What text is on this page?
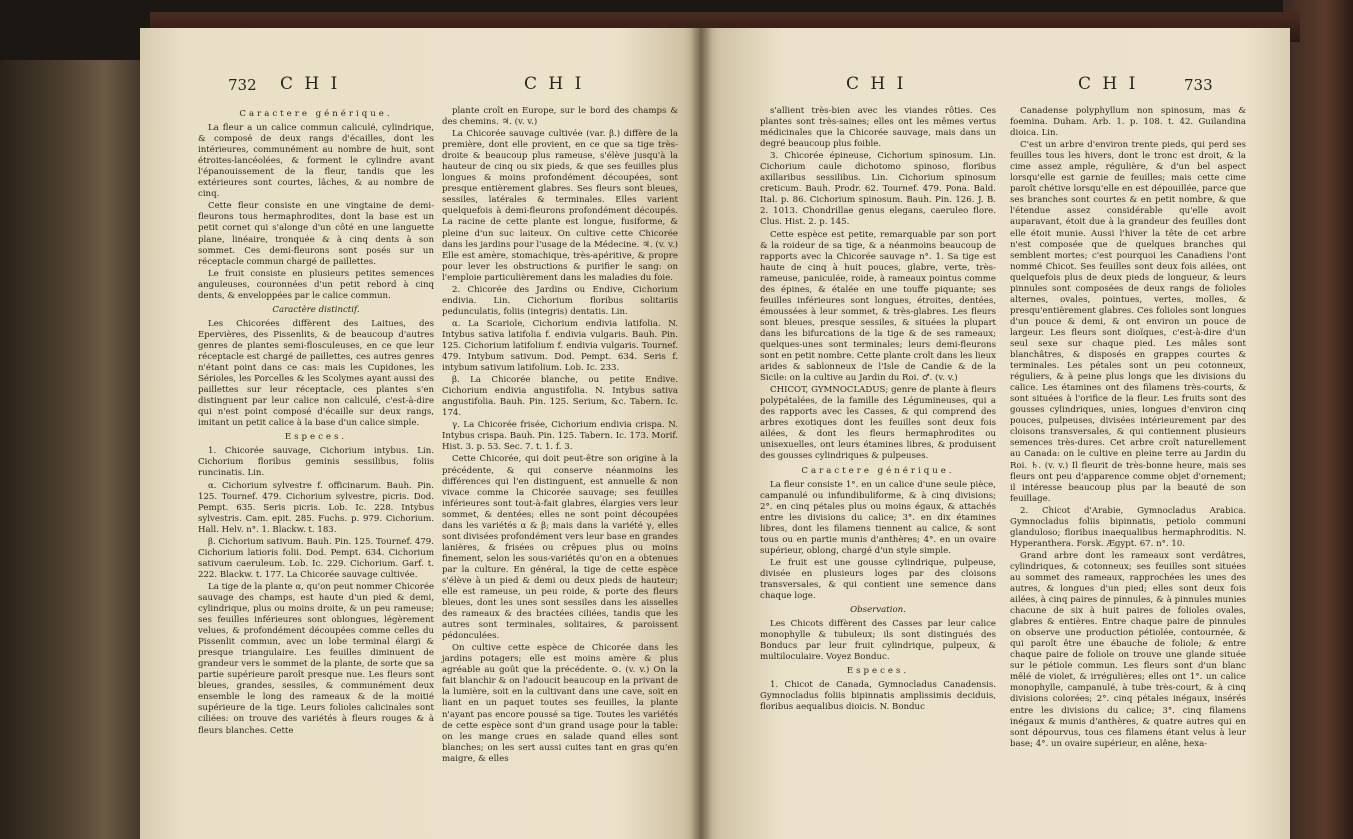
732 C H I	C H I

Caractere générique.

La fleur a un calice commun caliculé, cylindrique, & composé de deux rangs d'écailles, dont les intérieures, communément au nombre de huit, sont étroites-lancéolées, & forment le cylindre avant l'épanouissement de la fleur, tandis que les extérieures sont courtes, lâches, & au nombre de cinq.

Cette fleur consiste en une vingtaine de demi-fleurons tous hermaphrodites, dont la base est un petit cornet qui s'alonge d'un côté en une languette plane, linéaire, tronquée & à cinq dents à son sommet. Ces demi-fleurons sont posés sur un réceptacle commun chargé de paillettes.

Le fruit consiste en plusieurs petites semences anguleuses, couronnées d'un petit rebord à cinq dents, & enveloppées par le calice commun.

Caractère distinctif.

Les Chicorées diffèrent des Laitues, des Epervières, des Pissenlits, & de beaucoup d'autres genres de plantes semi-flosculeuses, en ce que leur réceptacle est chargé de paillettes, ces autres genres n'étant point dans ce cas: mais les Cupidones, les Sérioles, les Porcelles & les Scolymes ayant aussi des paillettes sur leur réceptacle, ces plantes s'en distinguent par leur calice non caliculé, c'est-à-dire qui n'est point composé d'écaille sur deux rangs, imitant un petit calice à la base d'un calice simple.

Especes.

1. Chicorée sauvage, Cichorium intybus. Lin. Cichorium floribus geminis sessilibus, foliis runcinatis. Lin.

α. Cichorium sylvestre f. officinarum. Bauh. Pin. 125. Tournef. 479. Cichorium sylvestre, picris. Dod. Pempt. 635. Seris picris. Lob. Ic. 228. Intybus sylvestris. Cam. epit. 285. Fuchs. p. 979. Cichorium. Hall. Helv. n°. 1. Blackw. t. 183.

β. Cichorium sativum. Bauh. Pin. 125. Tournef. 479. Cichorium latioris folii. Dod. Pempt. 634. Cichorium sativum caeruleum. Lob. Ic. 229. Cichorium. Garf. t. 222. Blackw. t. 177. La Chicorée sauvage cultivée.

La tige de la plante α, qu'on peut nommer Chicorée sauvage des champs, est haute d'un pied & demi, cylindrique, plus ou moins droite, & un peu rameuse; ses feuilles inférieures sont oblongues, légèrement velues, & profondément découpées comme celles du Pissenlit commun, avec un lobe terminal élargi & presque triangulaire. Les feuilles diminuent de grandeur vers le sommet de la plante, de sorte que sa partie supérieure paroît presque nue. Les fleurs sont bleues, grandes, sessiles, & communément deux ensemble le long des rameaux & de la moitié supérieure de la tige. Leurs folioles calicinales sont ciliées: on trouve des variétés à fleurs rouges & à fleurs blanches. Cette

plante croît en Europe, sur le bord des champs & des chemins. ♃. (v. v.)

La Chicorée sauvage cultivée (var. β.) diffère de la première, dont elle provient, en ce que sa tige très-droite & beaucoup plus rameuse, s'élève jusqu'à la hauteur de cinq ou six pieds, & que ses feuilles plus longues & moins profondément découpées, sont presque entièrement glabres. Ses fleurs sont bleues, sessiles, latérales & terminales. Elles varient quelquefois à demi-fleurons profondément découpés. La racine de cette plante est longue, fusiforme, & pleine d'un suc laiteux. On cultive cette Chicorée dans les jardins pour l'usage de la Médecine. ♃. (v. v.) Elle est amère, stomachique, très-apéritive, & propre pour lever les obstructions & purifier le sang: on l'emploie particulièrement dans les maladies du foie.

2. Chicorée des Jardins ou Endive, Cichorium endivia. Lin. Cichorium floribus solitariis pedunculatis, foliis (integris) dentatis. Lin.

α. La Scariole, Cichorium endivia latifolia. N. Intybus sativa latifolia f. endivia vulgaris. Bauh. Pin. 125. Cichorium latifolium f. endivia vulgaris. Tournef. 479. Intybum sativum. Dod. Pempt. 634. Seris f. intybum sativum latifolium. Lob. Ic. 233.

β. La Chicorée blanche, ou petite Endive. Cichorium endivia angustifolia. N. Intybus sativa angustifolia. Bauh. Pin. 125. Serium, &c. Tabern. Ic. 174.

γ. La Chicorée frisée, Cichorium endivia crispa. N. Intybus crispa. Bauh. Pin. 125. Tabern. Ic. 173. Morif. Hist. 3. p. 53. Sec. 7. t. 1. f. 3.

Cette Chicorée, qui doit peut-être son origine à la précédente, & qui conserve néanmoins les différences qui l'en distinguent, est annuelle & non vivace comme la Chicorée sauvage; ses feuilles inférieures sont tout-à-fait glabres, élargies vers leur sommet, & dentées; elles ne sont point découpées dans les variétés α & β; mais dans la variété γ, elles sont divisées profondément vers leur base en grandes lanières, & frisées ou crêpues plus ou moins finement, selon les sous-variétés qu'on en a obtenues par la culture. En général, la tige de cette espèce s'élève à un pied & demi ou deux pieds de hauteur; elle est rameuse, un peu roide, & porte des fleurs bleues, dont les unes sont sessiles dans les aisselles des rameaux & des bractées ciliées, tandis que les autres sont terminales, solitaires, & paroissent pédonculées.

On cultive cette espèce de Chicorée dans les jardins potagers; elle est moins amère & plus agréable au goût que la précédente. ⊙. (v. v.) On la fait blanchir & on l'adoucit beaucoup en la privant de la lumière, soit en la cultivant dans une cave, soit en liant en un paquet toutes ses feuilles, la plante n'ayant pas encore poussé sa tige. Toutes les variétés de cette espèce sont d'un grand usage pour la table: on les mange crues en salade quand elles sont blanches; on les sert aussi cuites tant en gras qu'en maigre, & elles

C H I	C H I	733

s'allient très-bien avec les viandes rôties. Ces plantes sont très-saines; elles ont les mêmes vertus médicinales que la Chicorée sauvage, mais dans un degré beaucoup plus foible.

3. Chicorée épineuse, Cichorium spinosum. Lin. Cichorium caule dichotomo spinoso, floribus axillaribus sessilibus. Lin. Cichorium spinosum creticum. Bauh. Prodr. 62. Tournef. 479. Pona. Bald. Ital. p. 86. Cichorium spinosum. Bauh. Pin. 126. J. B. 2. 1013. Chondrillae genus elegans, caeruleo flore. Clus. Hist. 2. p. 145.

Cette espèce est petite, remarquable par son port & la roideur de sa tige, & a néanmoins beaucoup de rapports avec la Chicorée sauvage n°. 1. Sa tige est haute de cinq à huit pouces, glabre, verte, très-rameuse, paniculée, roide, à rameaux pointus comme des épines, & étalée en une touffe piquante; ses feuilles inférieures sont longues, étroites, dentées, émoussées à leur sommet, & très-glabres. Les fleurs sont bleues, presque sessiles, & situées la plupart dans les bifurcations de la tige & de ses rameaux; quelques-unes sont terminales; leurs demi-fleurons sont en petit nombre. Cette plante croît dans les lieux arides & sablonneux de l'Isle de Candie & de la Sicile: on la cultive au Jardin du Roi. ♂. (v. v.)

CHICOT, GYMNOCLADUS; genre de plante à fleurs polypétalées, de la famille des Légumineuses, qui a des rapports avec les Casses, & qui comprend des arbres exotiques dont les feuilles sont deux fois ailées, & dont les fleurs hermaphrodites ou unisexuelles, ont leurs étamines libres, & produisent des gousses cylindriques & pulpeuses.

Caractere générique.

La fleur consiste 1°. en un calice d'une seule pièce, campanulé ou infundibuliforme, & à cinq divisions; 2°. en cinq pétales plus ou moins égaux, & attachés entre les divisions du calice; 3°. en dix étamines libres, dont les filamens tiennent au calice, & sont tous ou en partie munis d'anthères; 4°. en un ovaire supérieur, oblong, chargé d'un style simple.

Le fruit est une gousse cylindrique, pulpeuse, divisée en plusieurs loges par des cloisons transversales, & qui contient une semence dans chaque loge.

Observation.

Les Chicots diffèrent des Casses par leur calice monophylle & tubuleux; ils sont distingués des Bonducs par leur fruit cylindrique, pulpeux, & multiloculaire. Voyez Bonduc.

Especes.

1. Chicot de Canada, Gymnocladus Canadensis. Gymnocladus foliis bipinnatis amplissimis deciduis, floribus aequalibus dioicis. N. Bonduc

Canadense polyphyllum non spinosum, mas & foemina. Duham. Arb. 1. p. 108. t. 42. Guilandina dioica. Lin.

C'est un arbre d'environ trente pieds, qui perd ses feuilles tous les hivers, dont le tronc est droit, & la cime assez ample, régulière, & d'un bel aspect lorsqu'elle est garnie de feuilles; mais cette cime paroît chétive lorsqu'elle en est dépouillée, parce que ses branches sont courtes & en petit nombre, & que l'étendue assez considérable qu'elle avoit auparavant, étoit due à la grandeur des feuilles dont elle étoit munie. Aussi l'hiver la tête de cet arbre n'est composée que de quelques branches qui semblent mortes; c'est pourquoi les Canadiens l'ont nommé Chicot. Ses feuilles sont deux fois ailées, ont quelquefois plus de deux pieds de longueur, & leurs pinnules sont composées de deux rangs de folioles alternes, ovales, pointues, vertes, molles, & presqu'entièrement glabres. Ces folioles sont longues d'un pouce & demi, & ont environ un pouce de largeur. Les fleurs sont dioïques, c'est-à-dire d'un seul sexe sur chaque pied. Les mâles sont blanchâtres, & disposés en grappes courtes & terminales. Les pétales sont un peu cotonneux, réguliers, & à peine plus longs que les divisions du calice. Les étamines ont des filamens très-courts, & sont situées à l'orifice de la fleur. Les fruits sont des gousses cylindriques, unies, longues d'environ cinq pouces, pulpeuses, divisées intérieurement par des cloisons transversales, & qui contiennent plusieurs semences très-dures. Cet arbre croît naturellement au Canada: on le cultive en pleine terre au Jardin du Roi. ♄. (v. v.) Il fleurit de très-bonne heure, mais ses fleurs ont peu d'apparence comme objet d'ornement; il intéresse beaucoup plus par la beauté de son feuillage.

2. Chicot d'Arabie, Gymnocladus Arabica. Gymnocladus foliis bipinnatis, petiolo communi glanduloso; floribus inaequalibus hermaphroditis. N. Hyperanthera. Forsk. Ægypt. 67. n°. 10.

Grand arbre dont les rameaux sont verdâtres, cylindriques, & cotonneux; ses feuilles sont situées au sommet des rameaux, rapprochées les unes des autres, & longues d'un pied; elles sont deux fois ailées, à cinq paires de pinnules, & à pinnules munies chacune de six à huit paires de folioles ovales, glabres & entières. Entre chaque paire de pinnules on observe une production pétiolée, contournée, & qui paroît être une ébauche de foliole; & entre chaque paire de foliole on trouve une glande située sur le pétiole commun. Les fleurs sont d'un blanc mêlé de violet, & irrégulières; elles ont 1°. un calice monophylle, campanulé, à tube très-court, & à cinq divisions colorées; 2°. cinq pétales inégaux, insérés entre les divisions du calice; 3°. cinq filamens inégaux & munis d'anthères, & quatre autres qui en sont dépourvus, tous ces filamens étant velus à leur base; 4°. un ovaire supérieur, en alêne, hexa-
